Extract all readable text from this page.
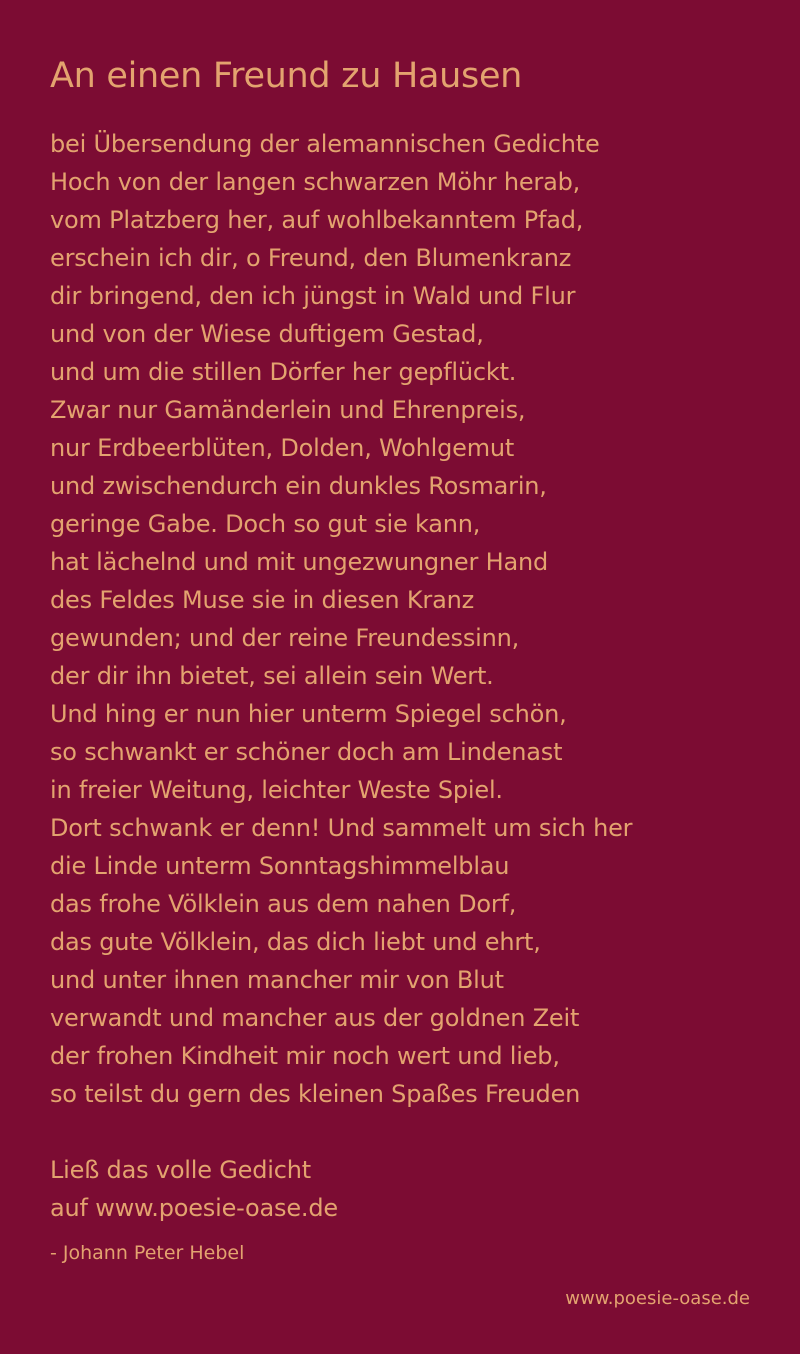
An einen Freund zu Hausen
bei Übersendung der alemannischen Gedichte
Hoch von der langen schwarzen Möhr herab,
vom Platzberg her, auf wohlbekanntem Pfad,
erschein ich dir, o Freund, den Blumenkranz
dir bringend, den ich jüngst in Wald und Flur
und von der Wiese duftigem Gestad,
und um die stillen Dörfer her gepflückt.
Zwar nur Gamänderlein und Ehrenpreis,
nur Erdbeerblüten, Dolden, Wohlgemut
und zwischendurch ein dunkles Rosmarin,
geringe Gabe. Doch so gut sie kann,
hat lächelnd und mit ungezwungner Hand
des Feldes Muse sie in diesen Kranz
gewunden; und der reine Freundessinn,
der dir ihn bietet, sei allein sein Wert.
Und hing er nun hier unterm Spiegel schön,
so schwankt er schöner doch am Lindenast
in freier Weitung, leichter Weste Spiel.
Dort schwank er denn! Und sammelt um sich her
die Linde unterm Sonntagshimmelblau
das frohe Völklein aus dem nahen Dorf,
das gute Völklein, das dich liebt und ehrt,
und unter ihnen mancher mir von Blut
verwandt und mancher aus der goldnen Zeit
der frohen Kindheit mir noch wert und lieb,
so teilst du gern des kleinen Spaßes Freuden
Ließ das volle Gedicht
auf www.poesie-oase.de
- Johann Peter Hebel
www.poesie-oase.de
